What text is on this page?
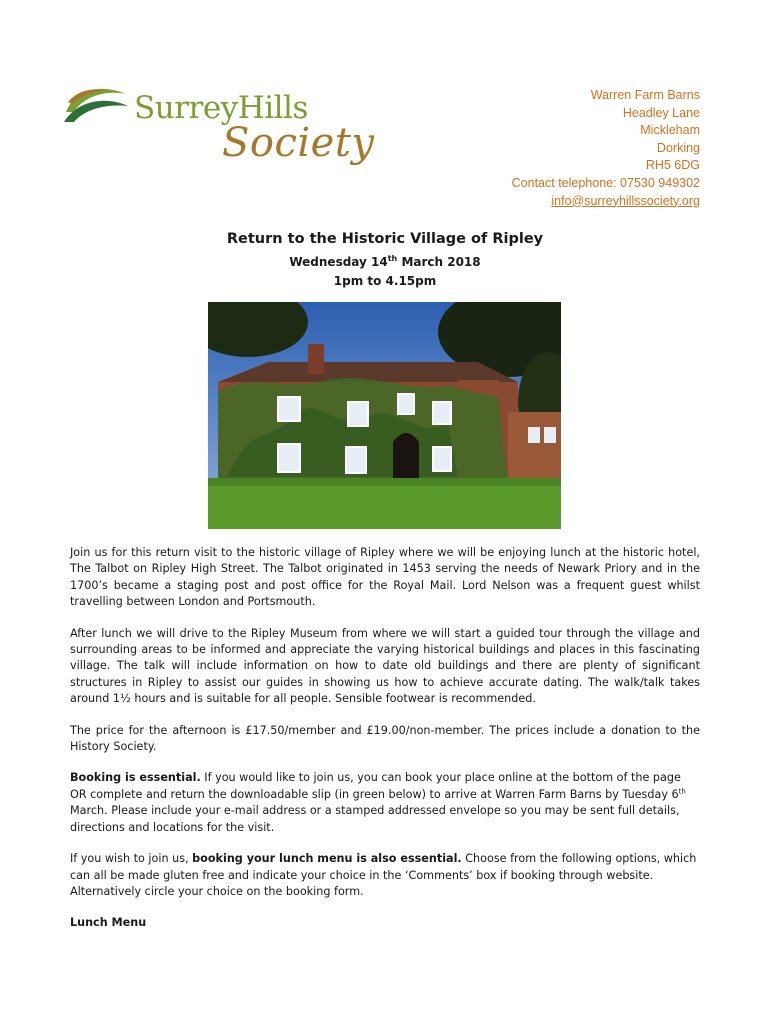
SurreyHills
Society
Warren Farm Barns
Headley Lane
Mickleham
Dorking
RH5 6DG
Contact telephone: 07530 949302
info@surreyhillssociety.org

Return to the Historic Village of Ripley

Wednesday 14th March 2018

1pm to 4.15pm

Join us for this return visit to the historic village of Ripley where we will be enjoying lunch at the historic hotel, The Talbot on Ripley High Street. The Talbot originated in 1453 serving the needs of Newark Priory and in the 1700’s became a staging post and post office for the Royal Mail. Lord Nelson was a frequent guest whilst travelling between London and Portsmouth.

After lunch we will drive to the Ripley Museum from where we will start a guided tour through the village and surrounding areas to be informed and appreciate the varying historical buildings and places in this fascinating village. The talk will include information on how to date old buildings and there are plenty of significant structures in Ripley to assist our guides in showing us how to achieve accurate dating. The walk/talk takes around 1½ hours and is suitable for all people. Sensible footwear is recommended.

The price for the afternoon is £17.50/member and £19.00/non-member. The prices include a donation to the History Society.

Booking is essential. If you would like to join us, you can book your place online at the bottom of the page OR complete and return the downloadable slip (in green below) to arrive at Warren Farm Barns by Tuesday 6th March. Please include your e-mail address or a stamped addressed envelope so you may be sent full details, directions and locations for the visit.

If you wish to join us, booking your lunch menu is also essential. Choose from the following options, which can all be made gluten free and indicate your choice in the ‘Comments’ box if booking through website. Alternatively circle your choice on the booking form.

Lunch Menu
